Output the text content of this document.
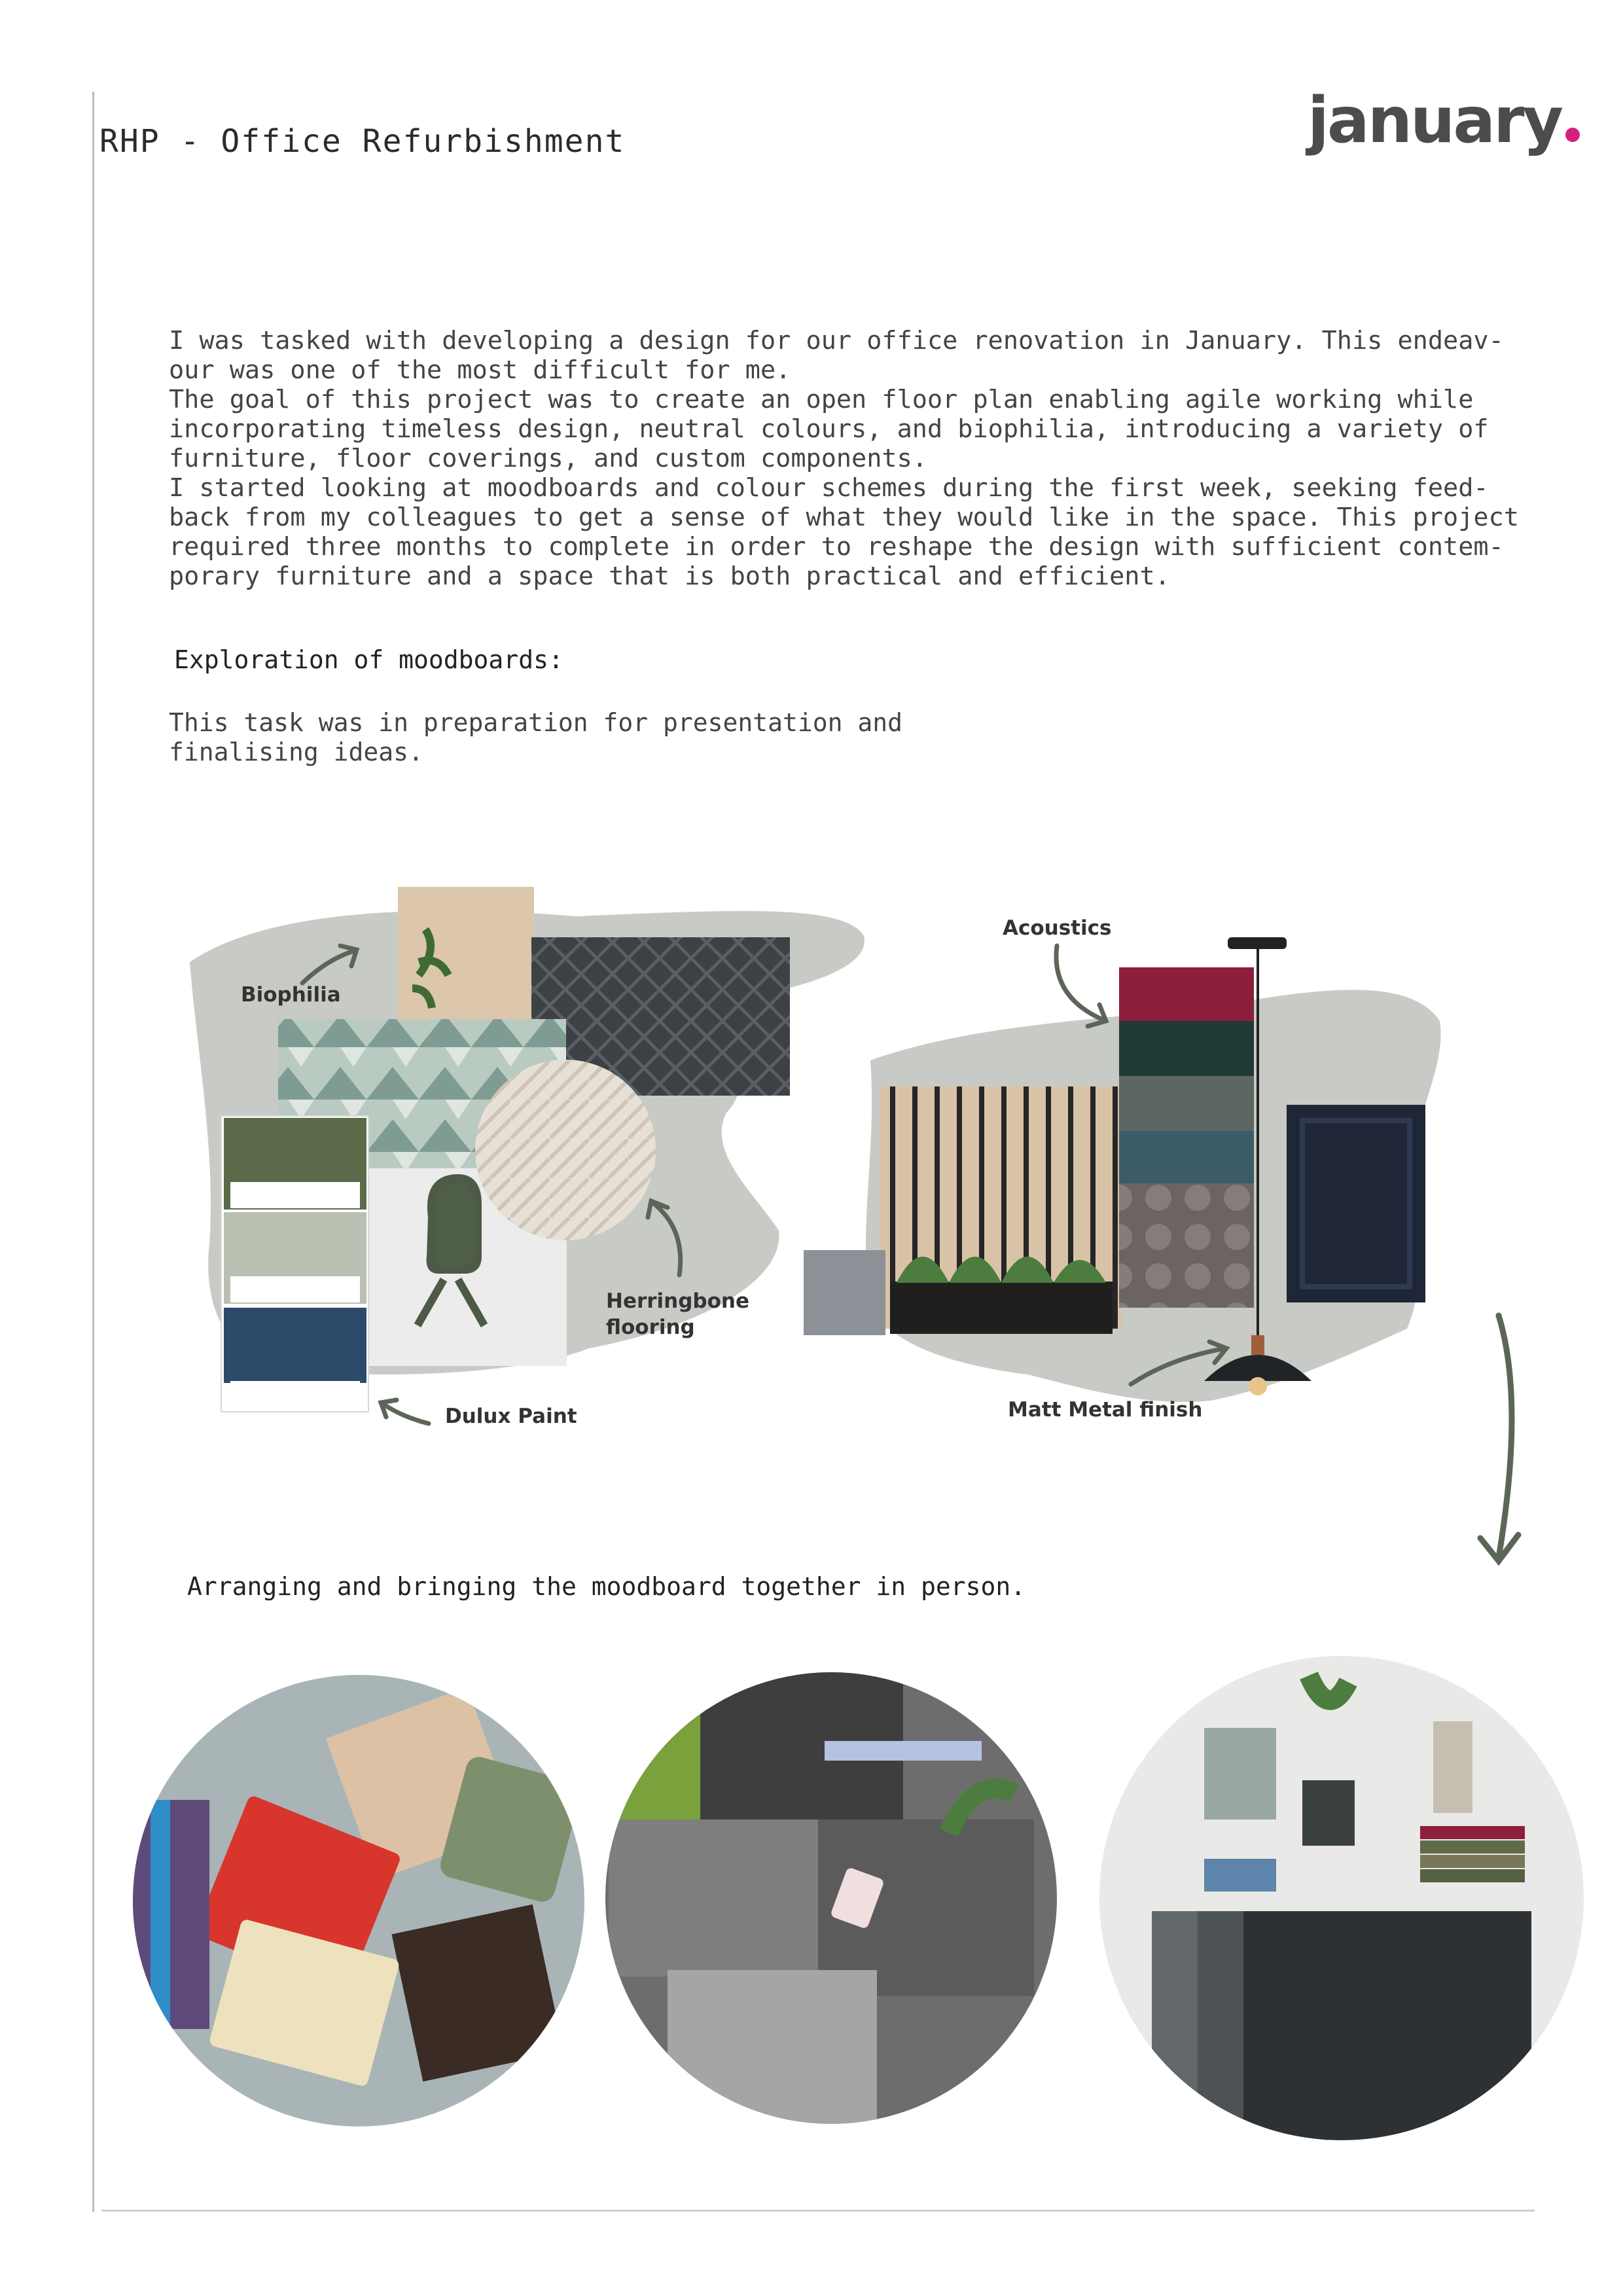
RHP - Office Refurbishment	january

I was tasked with developing a design for our office renovation in January. This endeav-
our was one of the most difficult for me.

The goal of this project was to create an open floor plan enabling agile working while
incorporating timeless design, neutral colours, and biophilia, introducing a variety of
furniture, floor coverings, and custom components.

I started looking at moodboards and colour schemes during the first week, seeking feed-
back from my colleagues to get a sense of what they would like in the space. This project
required three months to complete in order to reshape the design with sufficient contem-
porary furniture and a space that is both practical and efficient.

Exploration of moodboards:
This task was in preparation for presentation and
finalising ideas.
Biophilia
Herringbone
flooring
Dulux Paint
Acoustics
Matt Metal finish
Arranging and bringing the moodboard together in person.
